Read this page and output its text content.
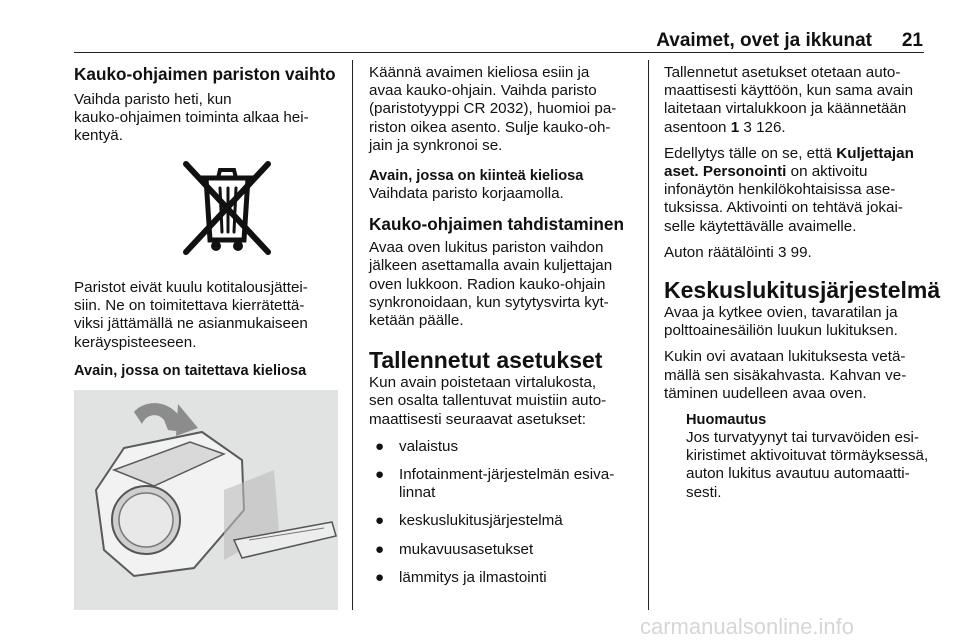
Avaimet, ovet ja ikkunat 21

Kauko-ohjaimen pariston vaihto

Vaihda paristo heti, kun

kauko-ohjaimen toiminta alkaa hei-

kentyä.

Paristot eivät kuulu kotitalousjättei-

siin. Ne on toimitettava kierrätettä-

viksi jättämällä ne asianmukaiseen

keräyspisteeseen.

Avain, jossa on taitettava kieliosa

Käännä avaimen kieliosa esiin ja

avaa kauko-ohjain. Vaihda paristo

(paristotyyppi CR 2032), huomioi pa-

riston oikea asento. Sulje kauko-oh-

jain ja synkronoi se.

Avain, jossa on kiinteä kieliosa

Vaihdata paristo korjaamolla.

Kauko-ohjaimen tahdistaminen

Avaa oven lukitus pariston vaihdon

jälkeen asettamalla avain kuljettajan

oven lukkoon. Radion kauko-ohjain

synkronoidaan, kun sytytysvirta kyt-

ketään päälle.

Tallennetut asetukset

Kun avain poistetaan virtalukosta,

sen osalta tallentuvat muistiin auto-

maattisesti seuraavat asetukset:

● valaistus
● Infotainment-järjestelmän esiva-
linnat
● keskuslukitusjärjestelmä
● mukavuusasetukset
● lämmitys ja ilmastointi

Tallennetut asetukset otetaan auto-

maattisesti käyttöön, kun sama avain

laitetaan virtalukkoon ja käännetään

asentoon 1 3 126.

Edellytys tälle on se, että Kuljettajan

aset. Personointi on aktivoitu

infonäytön henkilökohtaisissa ase-

tuksissa. Aktivointi on tehtävä jokai-

selle käytettävälle avaimelle.

Auton räätälöinti 3 99.

Keskuslukitusjärjestelmä

Avaa ja kytkee ovien, tavaratilan ja

polttoainesäiliön luukun lukituksen.

Kukin ovi avataan lukituksesta vetä-

mällä sen sisäkahvasta. Kahvan ve-

täminen uudelleen avaa oven.

Huomautus

Jos turvatyynyt tai turvavöiden esi-

kiristimet aktivoituvat törmäyksessä,

auton lukitus avautuu automaatti-

sesti.

carmanualsonline.info
